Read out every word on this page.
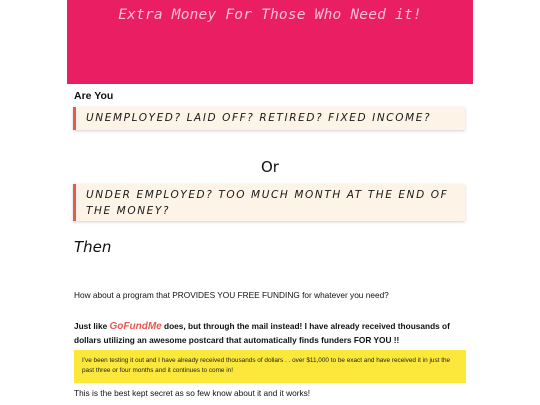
Extra Money For Those Who Need it!
Are You
UNEMPLOYED? LAID OFF? RETIRED? FIXED INCOME?
Or
UNDER EMPLOYED? TOO MUCH MONTH AT THE END OF THE MONEY?
Then
How about a program that PROVIDES YOU FREE FUNDING for whatever you need?
Just like GoFundMe does, but through the mail instead! I have already received thousands of dollars utilizing an awesome postcard that automatically finds funders FOR YOU !!
I've been testing it out and I have already received thousands of dollars . . over $11,000 to be exact and have received it in just the past three or four months and it continues to come in!
This is the best kept secret as so few know about it and it works!
